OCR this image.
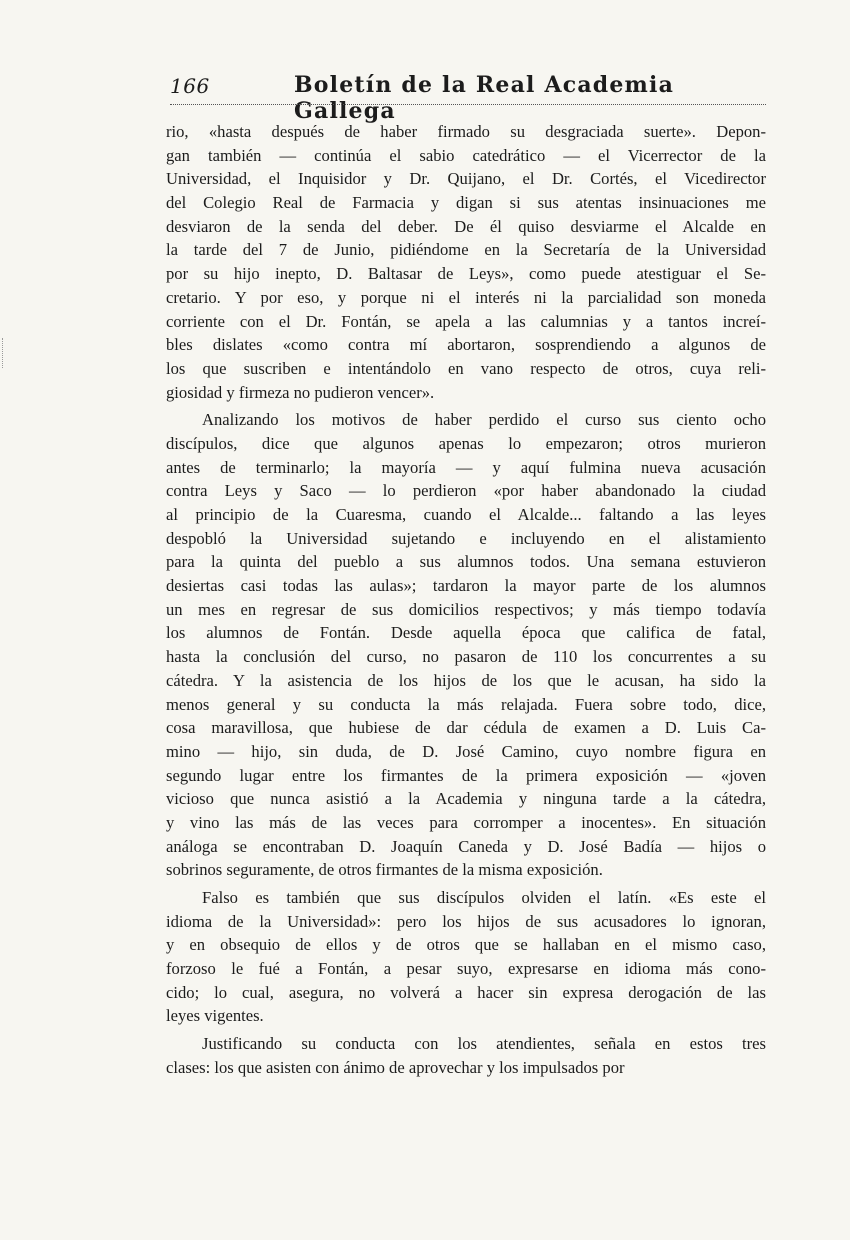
166	Boletín de la Real Academia Gallega
rio, «hasta después de haber firmado su desgraciada suerte». Depon-
gan también — continúa el sabio catedrático — el Vicerrector de la
Universidad, el Inquisidor y Dr. Quijano, el Dr. Cortés, el Vicedirector
del Colegio Real de Farmacia y digan si sus atentas insinuaciones me
desviaron de la senda del deber. De él quiso desviarme el Alcalde en
la tarde del 7 de Junio, pidiéndome en la Secretaría de la Universidad
por su hijo inepto, D. Baltasar de Leys», como puede atestiguar el Se-
cretario. Y por eso, y porque ni el interés ni la parcialidad son moneda
corriente con el Dr. Fontán, se apela a las calumnias y a tantos increí-
bles dislates «como contra mí abortaron, sosprendiendo a algunos de
los que suscriben e intentándolo en vano respecto de otros, cuya reli-
giosidad y firmeza no pudieron vencer».
Analizando los motivos de haber perdido el curso sus ciento ocho
discípulos, dice que algunos apenas lo empezaron; otros murieron
antes de terminarlo; la mayoría — y aquí fulmina nueva acusación
contra Leys y Saco — lo perdieron «por haber abandonado la ciudad
al principio de la Cuaresma, cuando el Alcalde... faltando a las leyes
despobló la Universidad sujetando e incluyendo en el alistamiento
para la quinta del pueblo a sus alumnos todos. Una semana estuvieron
desiertas casi todas las aulas»; tardaron la mayor parte de los alumnos
un mes en regresar de sus domicilios respectivos; y más tiempo todavía
los alumnos de Fontán. Desde aquella época que califica de fatal,
hasta la conclusión del curso, no pasaron de 110 los concurrentes a su
cátedra. Y la asistencia de los hijos de los que le acusan, ha sido la
menos general y su conducta la más relajada. Fuera sobre todo, dice,
cosa maravillosa, que hubiese de dar cédula de examen a D. Luis Ca-
mino — hijo, sin duda, de D. José Camino, cuyo nombre figura en
segundo lugar entre los firmantes de la primera exposición — «joven
vicioso que nunca asistió a la Academia y ninguna tarde a la cátedra,
y vino las más de las veces para corromper a inocentes». En situación
análoga se encontraban D. Joaquín Caneda y D. José Badía — hijos o
sobrinos seguramente, de otros firmantes de la misma exposición.
Falso es también que sus discípulos olviden el latín. «Es este el
idioma de la Universidad»: pero los hijos de sus acusadores lo ignoran,
y en obsequio de ellos y de otros que se hallaban en el mismo caso,
forzoso le fué a Fontán, a pesar suyo, expresarse en idioma más cono-
cido; lo cual, asegura, no volverá a hacer sin expresa derogación de las
leyes vigentes.
Justificando su conducta con los atendientes, señala en estos tres
clases: los que asisten con ánimo de aprovechar y los impulsados por
